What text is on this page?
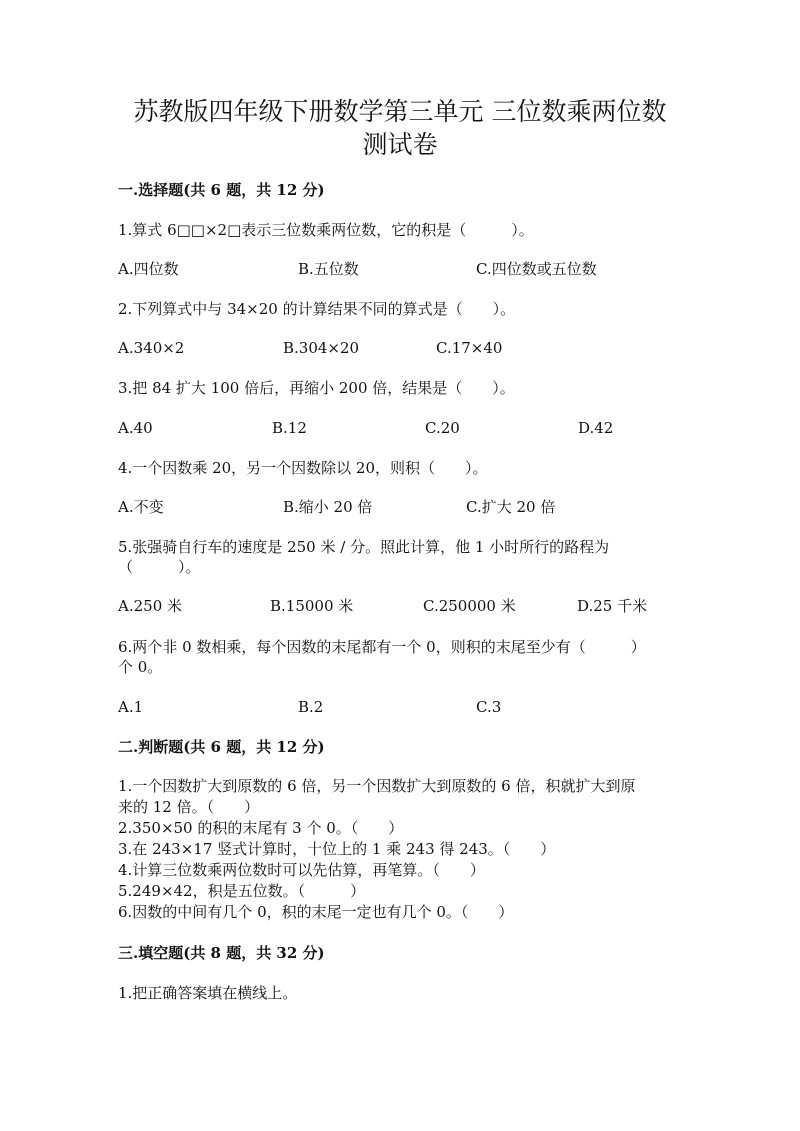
苏教版四年级下册数学第三单元 三位数乘两位数
测试卷
一.选择题(共 6 题，共 12 分)
1.算式 6□□×2□表示三位数乘两位数，它的积是（　　　）。
A.四位数	B.五位数	C.四位数或五位数
2.下列算式中与 34×20 的计算结果不同的算式是（　　）。
A.340×2	B.304×20	C.17×40
3.把 84 扩大 100 倍后，再缩小 200 倍，结果是（　　）。
A.40	B.12	C.20	D.42
4.一个因数乘 20，另一个因数除以 20，则积（　　）。
A.不变	B.缩小 20 倍	C.扩大 20 倍
5.张强骑自行车的速度是 250 米 / 分。照此计算，他 1 小时所行的路程为
（　　　）。
A.250 米	B.15000 米	C.250000 米	D.25 千米
6.两个非 0 数相乘，每个因数的末尾都有一个 0，则积的末尾至少有（　　　）
个 0。
A.1	B.2	C.3
二.判断题(共 6 题，共 12 分)
1.一个因数扩大到原数的 6 倍，另一个因数扩大到原数的 6 倍，积就扩大到原
来的 12 倍。（　　）
2.350×50 的积的末尾有 3 个 0。（　　）
3.在 243×17 竖式计算时，十位上的 1 乘 243 得 243。（　　）
4.计算三位数乘两位数时可以先估算，再笔算。（　　）
5.249×42，积是五位数。（　　　）
6.因数的中间有几个 0，积的末尾一定也有几个 0。（　　）
三.填空题(共 8 题，共 32 分)
1.把正确答案填在横线上。
